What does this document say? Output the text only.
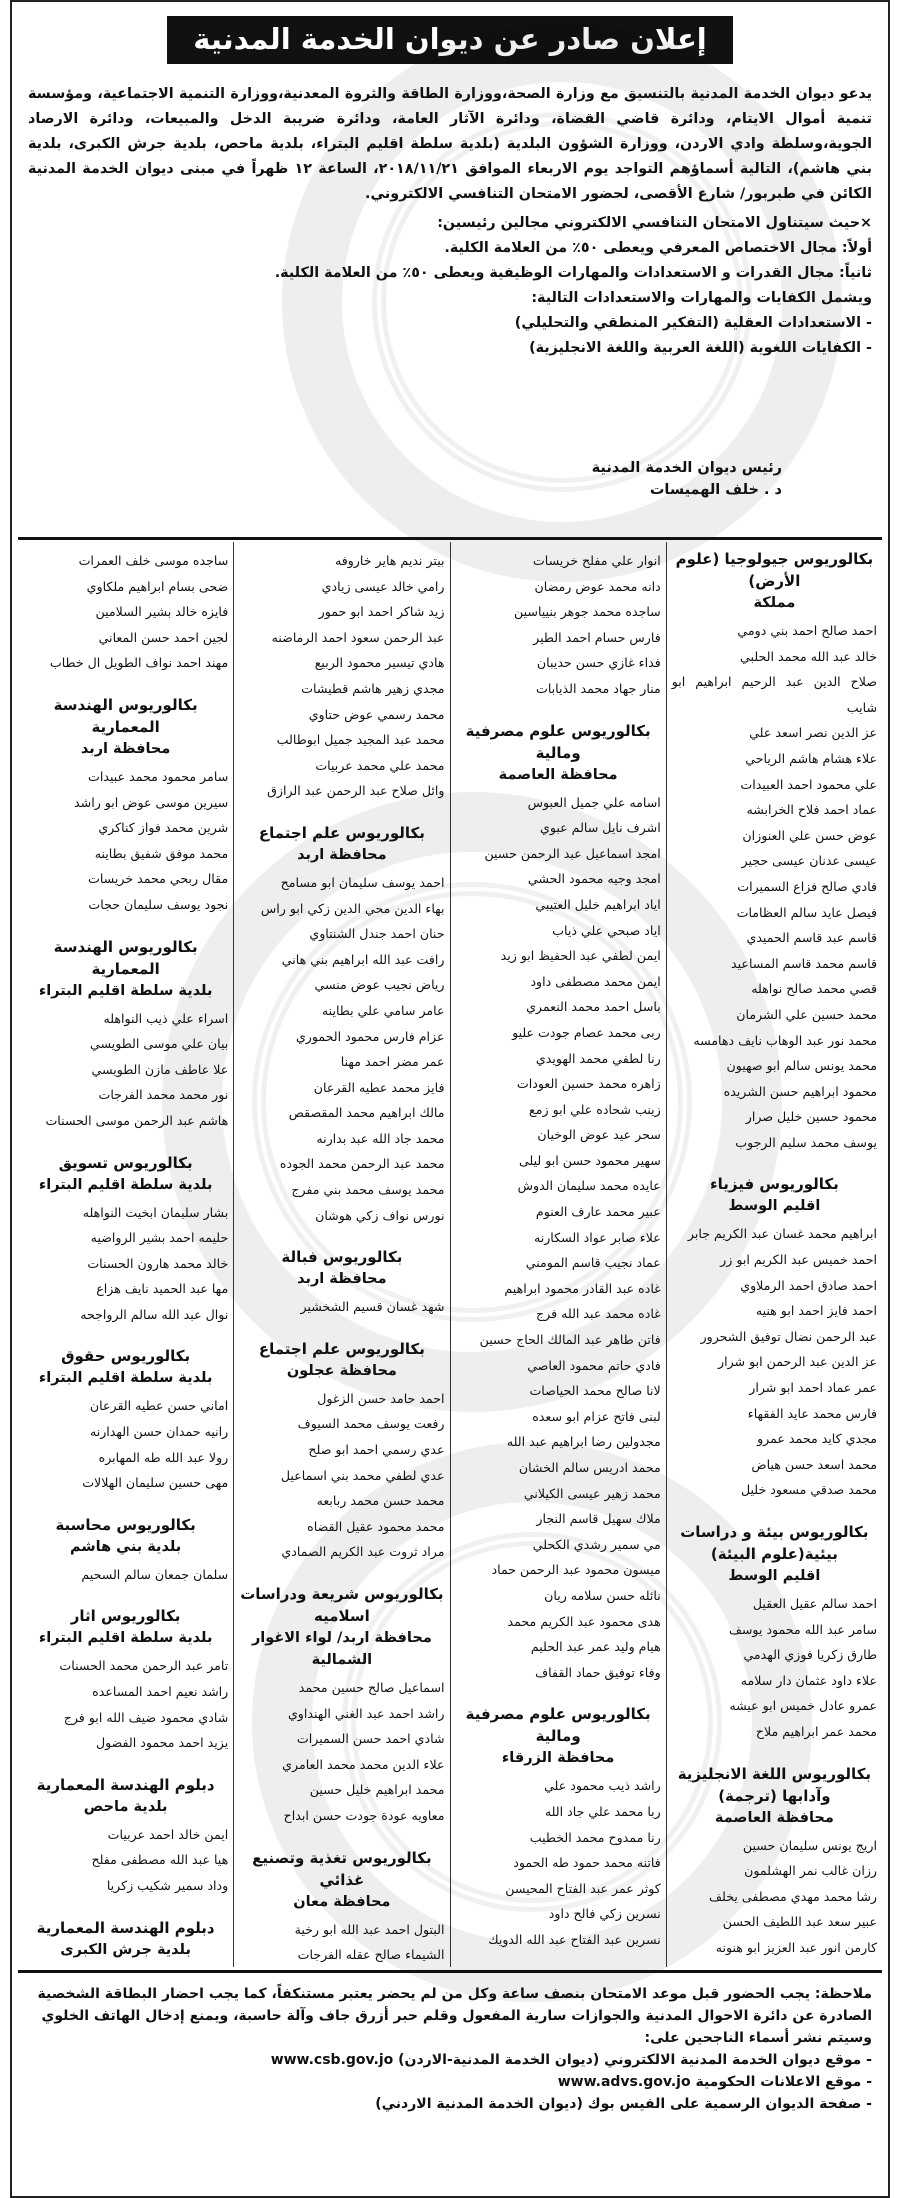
إعلان صادر عن ديوان الخدمة المدنية

يدعو ديوان الخدمة المدنية بالتنسيق مع وزارة الصحة،ووزارة الطاقة والثروة المعدنية،ووزارة التنمية الاجتماعية، ومؤسسة تنمية أموال الايتام، ودائرة قاضي القضاة، ودائرة الآثار العامة، ودائرة ضريبة الدخل والمبيعات، ودائرة الارصاد الجوية،وسلطة وادي الاردن، ووزارة الشؤون البلدية (بلدية سلطة اقليم البتراء، بلدية ماحص، بلدية جرش الكبرى، بلدية بني هاشم)، التالية أسماؤهم التواجد يوم الاربعاء الموافق ٢٠١٨/١١/٢١، الساعة ١٢ ظهراً في مبنى ديوان الخدمة المدنية الكائن في طبربور/ شارع الأقصى، لحضور الامتحان التنافسي الالكتروني.

×حيث سيتناول الامتحان التنافسي الالكتروني مجالين رئيسين:

أولاً: مجال الاختصاص المعرفي ويعطى ٥٠٪ من العلامة الكلية.

ثانياً: مجال القدرات و الاستعدادات والمهارات الوظيفية ويعطى ٥٠٪ من العلامة الكلية.

ويشمل الكفايات والمهارات والاستعدادات التالية:

- الاستعدادات العقلية (التفكير المنطقي والتحليلي)

- الكفايات اللغوية (اللغة العربية واللغة الانجليزية)

رئيس ديوان الخدمة المدنية
د . خلف الهميسات
بكالوريوس جيولوجيا (علوم الأرض)
مملكة
احمد صالح احمد بني دومي
خالد عبد الله محمد الحلبي
صلاح الدين عبد الرحيم ابراهيم ابو شايب
عز الدين نصر اسعد علي
علاء هشام هاشم الرياحي
علي محمود احمد العبيدات
عماد احمد فلاح الخرابشه
عوض حسن علي العنوزان
عيسى عدنان عيسى حجير
فادي صالح فزاع السميرات
فيصل عايد سالم العظامات
قاسم عبد قاسم الحميدي
قاسم محمد قاسم المساعيد
قصي محمد صالح نواهله
محمد حسين علي الشرمان
محمد نور عبد الوهاب نايف دهامسه
محمد يونس سالم ابو صهيون
محمود ابراهيم حسن الشريده
محمود حسين خليل صرار
يوسف محمد سليم الرجوب
بكالوريوس فيزياء
اقليم الوسط
ابراهيم محمد غسان عبد الكريم جابر
احمد خميس عبد الكريم ابو زر
احمد صادق احمد الرملاوي
احمد فايز احمد ابو هنيه
عبد الرحمن نضال توفيق الشحرور
عز الدين عبد الرحمن ابو شرار
عمر عماد احمد ابو شرار
فارس محمد عايد الفقهاء
مجدي كايد محمد عمرو
محمد اسعد حسن هياض
محمد صدقي مسعود خليل
بكالوريوس بيئة و دراسات بيئية(علوم البيئة)
اقليم الوسط
احمد سالم عقيل العقيل
سامر عبد الله محمود يوسف
طارق زكريا فوزي الهدمي
علاء داود عثمان دار سلامه
عمرو عادل خميس ابو عيشه
محمد عمر ابراهيم ملاح
بكالوريوس اللغة الانجليزية وآدابها (ترجمة)
محافظة العاصمة
اريج يونس سليمان حسين
رزان غالب نمر الهشلمون
رشا محمد مهدي مصطفى يخلف
عبير سعد عبد اللطيف الحسن
كارمن انور عبد العزيز ابو هنونه
انوار علي مفلح خريسات
دانه محمد عوض رمضان
ساجده محمد جوهر بنيياسين
فارس حسام احمد الطير
فداء غازي حسن حديبان
منار جهاد محمد الذيابات
بكالوريوس علوم مصرفية ومالية
محافظة العاصمة
اسامه علي جميل العبوس
اشرف نايل سالم عبوي
امجد اسماعيل عبد الرحمن حسين
امجد وجيه محمود الحشي
اياد ابراهيم خليل العتيبي
اياد صبحي علي ذياب
ايمن لطفي عبد الحفيظ ابو زيد
ايمن محمد مصطفى داود
باسل احمد محمد النعمري
ربى محمد عصام جودت عليو
رنا لطفي محمد الهويدي
زاهره محمد حسين العودات
زينب شحاده علي ابو زمع
سحر عيد عوض الوخيان
سهير محمود حسن ابو ليلى
عايده محمد سليمان الدوش
عبير محمد عارف العنوم
علاء صابر عواد السكارنه
عماد نجيب قاسم المومني
غاده عبد القادر محمود ابراهيم
غاده محمد عبد الله فرج
فاتن طاهر عبد المالك الحاج حسين
فادي حاتم محمود العاصي
لانا صالح محمد الحياصات
لبنى فاتح عزام ابو سعده
مجدولين رضا ابراهيم عبد الله
محمد ادريس سالم الخشان
محمد زهير عيسى الكيلاني
ملاك سهيل قاسم النجار
مي سمير رشدي الكحلي
ميسون محمود عبد الرحمن حماد
نائله حسن سلامه ريان
هدى محمود عبد الكريم محمد
هيام وليد عمر عبد الحليم
وفاء توفيق حماد القفاف
بكالوريوس علوم مصرفية ومالية
محافظة الزرقاء
راشد ذيب محمود علي
ربا محمد علي جاد الله
رنا ممدوح محمد الخطيب
فاتنه محمد حمود طه الحمود
كوثر عمر عبد الفتاح المحيسن
نسرين زكي فالح داود
نسرين عبد الفتاح عبد الله الدويك
بيتر نديم هاير خاروفه
رامي خالد عيسى زيادي
زيد شاكر احمد ابو حمور
عبد الرحمن سعود احمد الرماضنه
هادي تيسير محمود الربيع
مجدي زهير هاشم قطيشات
محمد رسمي عوض حتاوي
محمد عبد المجيد جميل ابوطالب
محمد علي محمد عربيات
وائل صلاح عبد الرحمن عبد الرازق
بكالوريوس علم اجتماع
محافظة اربد
احمد يوسف سليمان ابو مسامح
بهاء الدين محي الدين زكي ابو راس
حنان احمد جندل الشنتاوي
رافت عبد الله ابراهيم بني هاني
رياض نجيب عوض منسي
عامر سامي علي بطاينه
عزام فارس محمود الحموري
عمر مضر احمد مهنا
فايز محمد عطيه القرعان
مالك ابراهيم محمد المقصقص
محمد جاد الله عبد بدارنه
محمد عبد الرحمن محمد الجوده
محمد يوسف محمد بني مفرج
نورس نواف زكي هوشان
بكالوريوس فبالة
محافظة اربد
شهد غسان قسيم الشخشير
بكالوريوس علم اجتماع
محافظة عجلون
احمد حامد حسن الزغول
رفعت يوسف محمد السيوف
عدي رسمي احمد ابو صلح
عدي لطفي محمد بني اسماعيل
محمد حسن محمد ربابعه
محمد محمود عقيل القضاه
مراد ثروت عبد الكريم الصمادي
بكالوريوس شريعة ودراسات اسلاميه
محافظة اربد/ لواء الاغوار الشمالية
اسماعيل صالح حسين محمد
راشد احمد عبد الغني الهنداوي
شادي احمد حسن السميرات
علاء الدين محمد محمد العامري
محمد ابراهيم خليل حسين
معاويه عودة جودت حسن ابداح
بكالوريوس تغذية وتصنيع غذائي
محافظة معان
البتول احمد عبد الله ابو رخية
الشيماء صالح عقله الفرجات
ساجده موسى خلف العمرات
ضحى بسام ابراهيم ملكاوي
فايزه خالد بشير السلامين
لجين احمد حسن المعاني
مهند احمد نواف الطويل ال خطاب
بكالوريوس الهندسة المعمارية
محافظة اربد
سامر محمود محمد عبيدات
سيرين موسى عوض ابو راشد
شرين محمد فواز كناكري
محمد موفق شفيق بطاينه
مقال ربحي محمد خريسات
نجود يوسف سليمان حجات
بكالوريوس الهندسة المعمارية
بلدية سلطة اقليم البتراء
اسراء علي ذيب النواهله
بيان علي موسى الطويسي
علا عاطف مازن الطويسي
نور محمد محمد الفرجات
هاشم عبد الرحمن موسى الحسنات
بكالوريوس تسويق
بلدية سلطة اقليم البتراء
بشار سليمان ابخيت النواهله
حليمه احمد بشير الرواضيه
خالد محمد هارون الحسنات
مها عبد الحميد نايف هزاع
نوال عبد الله سالم الرواجحه
بكالوريوس حقوق
بلدية سلطة اقليم البتراء
اماني حسن عطيه القرعان
رانيه حمدان حسن الهدارنه
رولا عبد الله طه المهابره
مهى حسين سليمان الهلالات
بكالوريوس محاسبة
بلدية بني هاشم
سلمان جمعان سالم السحيم
بكالوريوس اثار
بلدية سلطة اقليم البتراء
تامر عبد الرحمن محمد الحسنات
راشد نعيم احمد المساعده
شادي محمود ضيف الله ابو فرج
يزيد احمد محمود الفضول
دبلوم الهندسة المعمارية
بلدية ماحص
ايمن خالد احمد عربيات
هيا عبد الله مصطفى مفلح
وداد سمير شكيب زكريا
دبلوم الهندسة المعمارية
بلدية جرش الكبرى
ملاحظة: يجب الحضور قبل موعد الامتحان بنصف ساعة وكل من لم يحضر يعتبر مستنكفاً، كما يجب احضار البطاقة الشخصية الصادرة عن دائرة الاحوال المدنية والجوازات سارية المفعول وقلم حبر أزرق جاف وآلة حاسبة، ويمنع إدخال الهاتف الخلوي وسيتم نشر أسماء الناجحين على:
- موقع ديوان الخدمة المدنية الالكتروني (ديوان الخدمة المدنية-الاردن) www.csb.gov.jo
- موقع الاعلانات الحكومية www.advs.gov.jo
- صفحة الديوان الرسمية على الفيس بوك (ديوان الخدمة المدنية الاردني)
